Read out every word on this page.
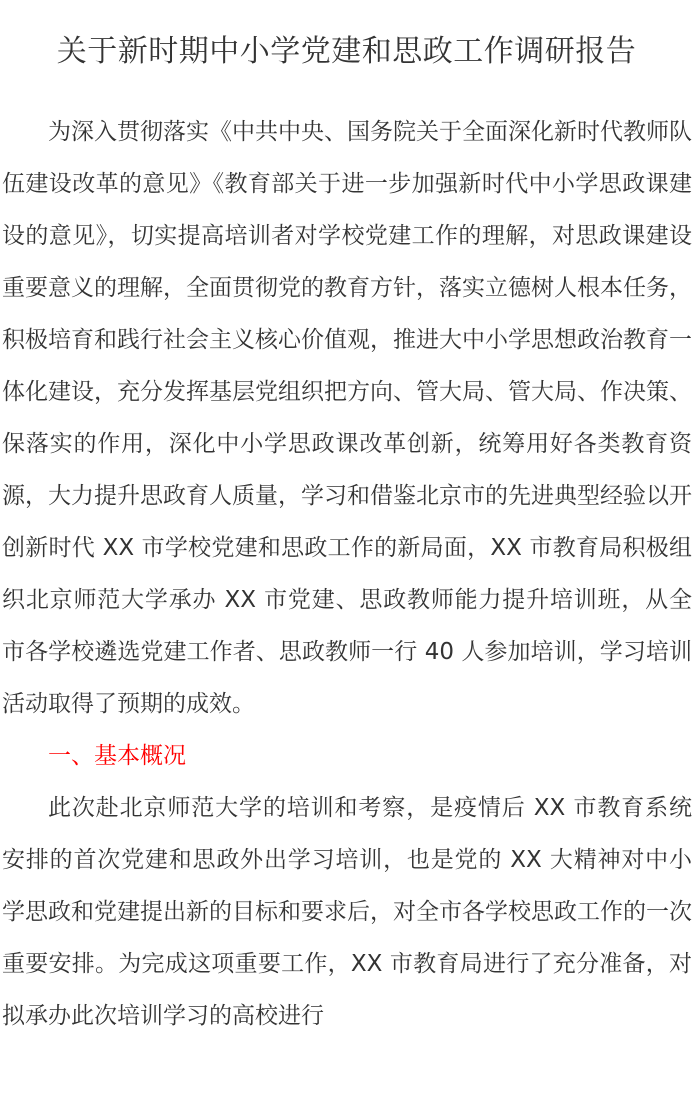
关于新时期中小学党建和思政工作调研报告

为深入贯彻落实《中共中央、国务院关于全面深化新时代教师队伍建设改革的意见》《教育部关于进一步加强新时代中小学思政课建设的意见》，切实提高培训者对学校党建工作的理解，对思政课建设重要意义的理解，全面贯彻党的教育方针，落实立德树人根本任务，积极培育和践行社会主义核心价值观，推进大中小学思想政治教育一体化建设，充分发挥基层党组织把方向、管大局、管大局、作决策、保落实的作用，深化中小学思政课改革创新，统筹用好各类教育资源，大力提升思政育人质量，学习和借鉴北京市的先进典型经验以开创新时代 XX 市学校党建和思政工作的新局面，XX 市教育局积极组织北京师范大学承办 XX 市党建、思政教师能力提升培训班，从全市各学校遴选党建工作者、思政教师一行 40 人参加培训，学习培训活动取得了预期的成效。

一、基本概况

此次赴北京师范大学的培训和考察，是疫情后 XX 市教育系统安排的首次党建和思政外出学习培训，也是党的 XX 大精神对中小学思政和党建提出新的目标和要求后，对全市各学校思政工作的一次重要安排。为完成这项重要工作，XX 市教育局进行了充分准备，对拟承办此次培训学习的高校进行
